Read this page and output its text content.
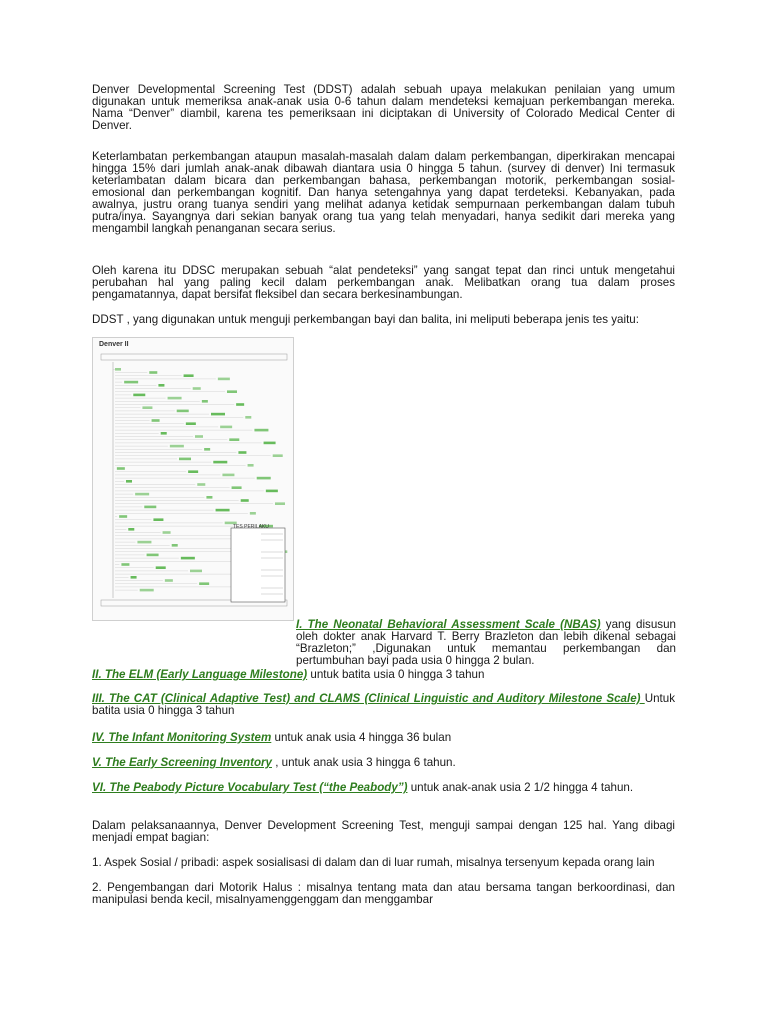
Denver Developmental Screening Test (DDST) adalah sebuah upaya melakukan penilaian yang umum digunakan untuk memeriksa anak-anak usia 0-6 tahun dalam mendeteksi kemajuan perkembangan mereka. Nama “Denver” diambil, karena tes pemeriksaan ini diciptakan di University of Colorado Medical Center di Denver.

Keterlambatan perkembangan ataupun masalah-masalah dalam dalam perkembangan, diperkirakan mencapai hingga 15% dari jumlah anak-anak dibawah diantara usia 0 hingga 5 tahun. (survey di denver) Ini termasuk keterlambatan dalam bicara dan perkembangan bahasa, perkembangan motorik, perkembangan sosial-emosional dan perkembangan kognitif. Dan hanya setengahnya yang dapat terdeteksi. Kebanyakan, pada awalnya, justru orang tuanya sendiri yang melihat adanya ketidak sempurnaan perkembangan dalam tubuh putra/inya. Sayangnya dari sekian banyak orang tua yang telah menyadari, hanya sedikit dari mereka yang mengambil langkah penanganan secara serius.

Oleh karena itu DDSC merupakan sebuah “alat pendeteksi” yang sangat tepat dan rinci untuk mengetahui perubahan hal yang paling kecil dalam perkembangan anak. Melibatkan orang tua dalam proses pengamatannya, dapat bersifat fleksibel dan secara berkesinambungan.

DDST , yang digunakan untuk menguji perkembangan bayi dan balita, ini meliputi beberapa jenis tes yaitu:

Denver II
TES PERILAKU
I. The Neonatal Behavioral Assessment Scale (NBAS) yang disusun oleh dokter anak Harvard T. Berry Brazleton dan lebih dikenal sebagai “Brazleton;” ,Digunakan untuk memantau perkembangan dan pertumbuhan bayi pada usia 0 hingga 2 bulan.

II. The ELM (Early Language Milestone) untuk batita usia 0 hingga 3 tahun

III. The CAT (Clinical Adaptive Test) and CLAMS (Clinical Linguistic and Auditory Milestone Scale) Untuk batita usia 0 hingga 3 tahun

IV. The Infant Monitoring System untuk anak usia 4 hingga 36 bulan

V. The Early Screening Inventory , untuk anak usia 3 hingga 6 tahun.

VI. The Peabody Picture Vocabulary Test (“the Peabody”) untuk anak-anak usia 2 1/2 hingga 4 tahun.

Dalam pelaksanaannya, Denver Development Screening Test, menguji sampai dengan 125 hal. Yang dibagi menjadi empat bagian:

1. Aspek Sosial / pribadi: aspek sosialisasi di dalam dan di luar rumah, misalnya tersenyum kepada orang lain

2. Pengembangan dari Motorik Halus : misalnya tentang mata dan atau bersama tangan berkoordinasi, dan manipulasi benda kecil, misalnyamenggenggam dan menggambar
